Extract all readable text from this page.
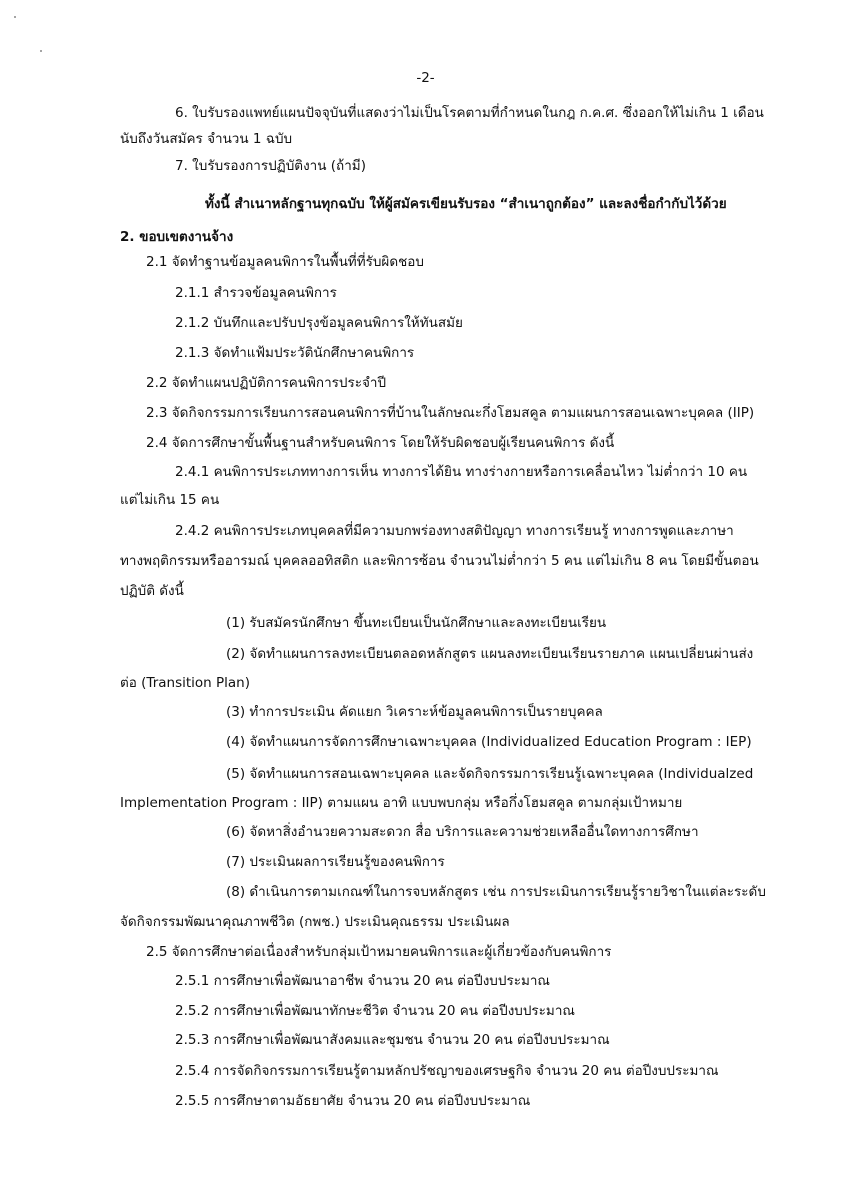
-2-

6. ใบรับรองแพทย์แผนปัจจุบันที่แสดงว่าไม่เป็นโรคตามที่กำหนดในกฎ ก.ค.ศ. ซึ่งออกให้ไม่เกิน 1 เดือน

นับถึงวันสมัคร จำนวน 1 ฉบับ

7. ใบรับรองการปฏิบัติงาน (ถ้ามี)

ทั้งนี้ สำเนาหลักฐานทุกฉบับ ให้ผู้สมัครเขียนรับรอง “สำเนาถูกต้อง” และลงชื่อกำกับไว้ด้วย

2. ขอบเขตงานจ้าง

2.1 จัดทำฐานข้อมูลคนพิการในพื้นที่ที่รับผิดชอบ

2.1.1 สำรวจข้อมูลคนพิการ

2.1.2 บันทึกและปรับปรุงข้อมูลคนพิการให้ทันสมัย

2.1.3 จัดทำแฟ้มประวัตินักศึกษาคนพิการ

2.2 จัดทำแผนปฏิบัติการคนพิการประจำปี

2.3 จัดกิจกรรมการเรียนการสอนคนพิการที่บ้านในลักษณะกึ่งโฮมสคูล ตามแผนการสอนเฉพาะบุคคล (IIP)

2.4 จัดการศึกษาขั้นพื้นฐานสำหรับคนพิการ โดยให้รับผิดชอบผู้เรียนคนพิการ ดังนี้

2.4.1 คนพิการประเภททางการเห็น ทางการได้ยิน ทางร่างกายหรือการเคลื่อนไหว ไม่ต่ำกว่า 10 คน

แต่ไม่เกิน 15 คน

2.4.2 คนพิการประเภทบุคคลที่มีความบกพร่องทางสติปัญญา ทางการเรียนรู้ ทางการพูดและภาษา

ทางพฤติกรรมหรืออารมณ์ บุคคลออทิสติก และพิการซ้อน จำนวนไม่ต่ำกว่า 5 คน แต่ไม่เกิน 8 คน โดยมีขั้นตอน

ปฏิบัติ ดังนี้

(1) รับสมัครนักศึกษา ขึ้นทะเบียนเป็นนักศึกษาและลงทะเบียนเรียน

(2) จัดทำแผนการลงทะเบียนตลอดหลักสูตร แผนลงทะเบียนเรียนรายภาค แผนเปลี่ยนผ่านส่ง

ต่อ (Transition Plan)

(3) ทำการประเมิน คัดแยก วิเคราะห์ข้อมูลคนพิการเป็นรายบุคคล

(4) จัดทำแผนการจัดการศึกษาเฉพาะบุคคล (Individualized Education Program : IEP)

(5) จัดทำแผนการสอนเฉพาะบุคคล และจัดกิจกรรมการเรียนรู้เฉพาะบุคคล (Individualzed

Implementation Program : IIP) ตามแผน อาทิ แบบพบกลุ่ม หรือกึ่งโฮมสคูล ตามกลุ่มเป้าหมาย

(6) จัดหาสิ่งอำนวยความสะดวก สื่อ บริการและความช่วยเหลืออื่นใดทางการศึกษา

(7) ประเมินผลการเรียนรู้ของคนพิการ

(8) ดำเนินการตามเกณฑ์ในการจบหลักสูตร เช่น การประเมินการเรียนรู้รายวิชาในแต่ละระดับ

จัดกิจกรรมพัฒนาคุณภาพชีวิต (กพช.) ประเมินคุณธรรม ประเมินผล

2.5 จัดการศึกษาต่อเนื่องสำหรับกลุ่มเป้าหมายคนพิการและผู้เกี่ยวข้องกับคนพิการ

2.5.1 การศึกษาเพื่อพัฒนาอาชีพ จำนวน 20 คน ต่อปีงบประมาณ

2.5.2 การศึกษาเพื่อพัฒนาทักษะชีวิต จำนวน 20 คน ต่อปีงบประมาณ

2.5.3 การศึกษาเพื่อพัฒนาสังคมและชุมชน จำนวน 20 คน ต่อปีงบประมาณ

2.5.4 การจัดกิจกรรมการเรียนรู้ตามหลักปรัชญาของเศรษฐกิจ จำนวน 20 คน ต่อปีงบประมาณ

2.5.5 การศึกษาตามอัธยาศัย จำนวน 20 คน ต่อปีงบประมาณ
